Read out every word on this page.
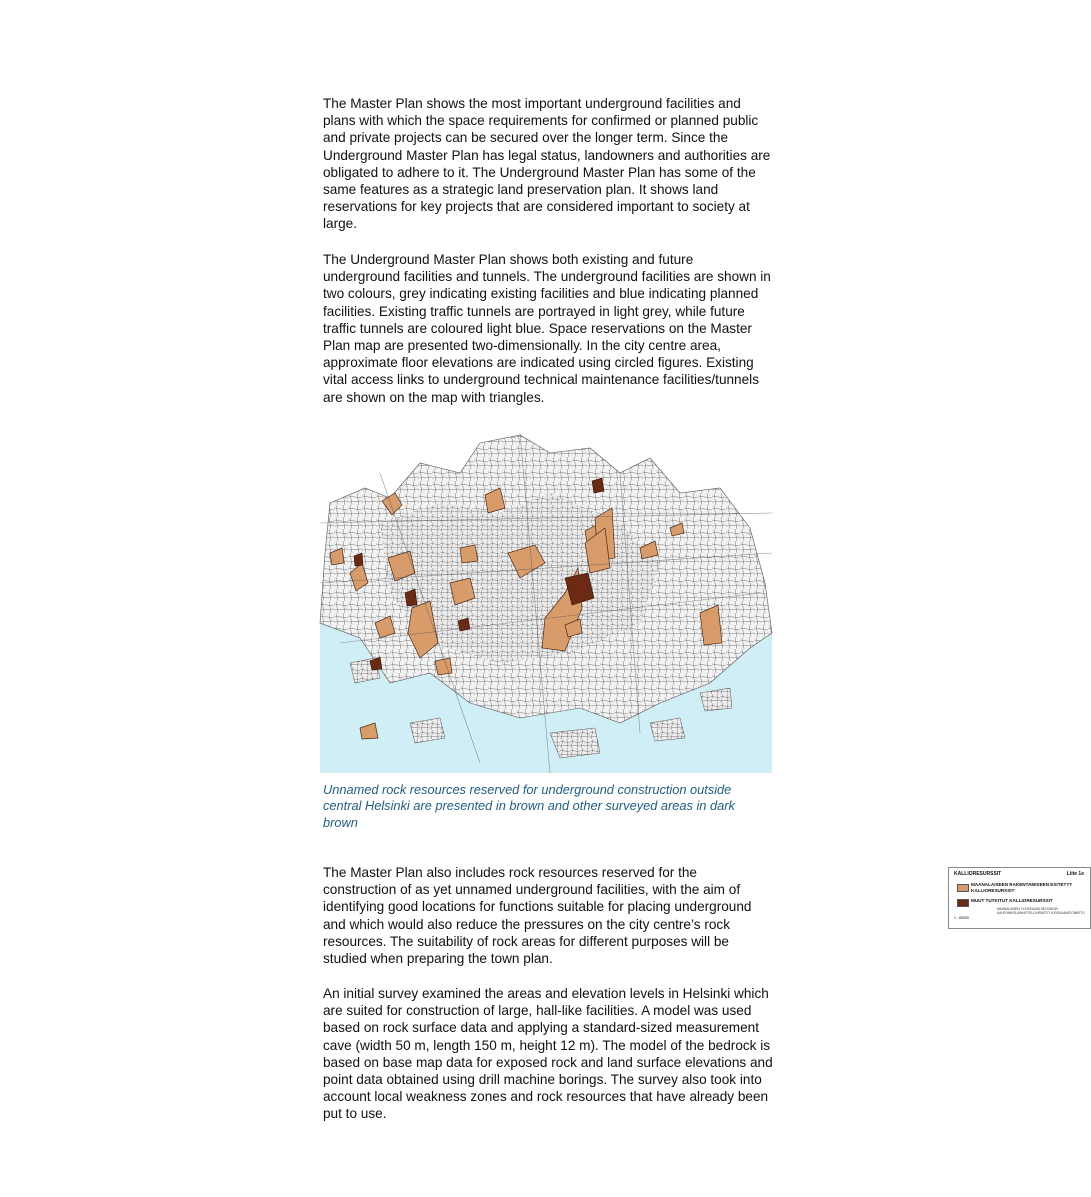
The Master Plan shows the most important underground facilities and plans with which the space requirements for confirmed or planned public and private projects can be secured over the longer term. Since the Underground Master Plan has legal status, landowners and authorities are obligated to adhere to it. The Underground Master Plan has some of the same features as a strategic land preservation plan. It shows land reservations for key projects that are considered important to society at large.

The Underground Master Plan shows both existing and future underground facilities and tunnels. The underground facilities are shown in two colours, grey indicating existing facilities and blue indicating planned facilities. Existing traffic tunnels are portrayed in light grey, while future traffic tunnels are coloured light blue. Space reservations on the Master Plan map are presented two-dimensionally. In the city centre area, approximate floor elevations are indicated using circled figures. Existing vital access links to underground technical maintenance facilities/tunnels are shown on the map with triangles.

KALLIORESURSSIT	Liite 1e
MAANALAISEEN RAKENTAMISEEN ESITETYT KALLIORESURSSIT
MUUT TUTKITUT KALLIORESURSSIT
MAANALAINEN YLEISKAAVA HELSINGIN KAUPUNKISUUNNITTELUVIRASTO YLEISKAAVATOIMISTO
1 : 80000

Unnamed rock resources reserved for underground construction outside central Helsinki are presented in brown and other surveyed areas in dark brown

The Master Plan also includes rock resources reserved for the construction of as yet unnamed underground facilities, with the aim of identifying good locations for functions suitable for placing underground and which would also reduce the pressures on the city centre’s rock resources. The suitability of rock areas for different purposes will be studied when preparing the town plan.

An initial survey examined the areas and elevation levels in Helsinki which are suited for construction of large, hall-like facilities. A model was used based on rock surface data and applying a standard-sized measurement cave (width 50 m, length 150 m, height 12 m). The model of the bedrock is based on base map data for exposed rock and land surface elevations and point data obtained using drill machine borings. The survey also took into account local weakness zones and rock resources that have already been put to use.
